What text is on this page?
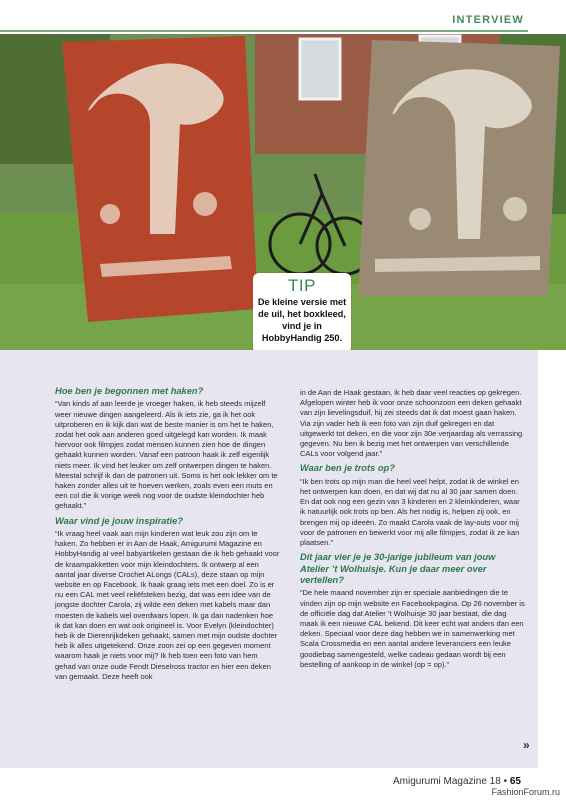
INTERVIEW
TIP
De kleine versie met de uil, het boxkleed, vind je in HobbyHandig 250.
Hoe ben je begonnen met haken?
“Van kinds af aan leerde je vroeger haken, ik heb steeds mijzelf weer nieuwe dingen aangeleerd. Als ik iets zie, ga ik het ook uitproberen en ik kijk dan wat de beste manier is om het te haken, zodat het ook aan anderen goed uitgelegd kan worden. Ik maak hiervoor ook filmpjes zodat mensen kunnen zien hoe de dingen gehaakt kunnen worden. Vanaf een patroon haak ik zelf eigenlijk niets meer. Ik vind het leuker om zelf ontwerpen dingen te haken. Meestal schrijf ik dan de patronen uit. Soms is het ook lekker om te haken zonder alles uit te hoeven werken, zoals even een muts en een col die ik vorige week nog voor de oudste kleindochter heb gehaakt.”
Waar vind je jouw inspiratie?
“Ik vraag heel vaak aan mijn kinderen wat leuk zou zijn om te haken. Zo hebben er in Aan de Haak, Amigurumi Magazine en HobbyHandig al veel babyartikelen gestaan die ik heb gehaakt voor de kraampakketten voor mijn kleindochters. Ik ontwerp al een aantal jaar diverse Crochet ALongs (CALs), deze staan op mijn website en op Facebook. Ik haak graag iets met een doel. Zo is er nu een CAL met veel reliëfsteken bezig, dat was een idee van de jongste dochter Carola, zij wilde een deken met kabels maar dan moesten de kabels wel overdwars lopen. Ik ga dan nadenken hoe ik dat kan doen en wat ook origineel is. Voor Evelyn (kleindochter) heb ik de Dierenrijkdeken gehaakt, samen met mijn oudste dochter heb ik alles uitgetekend. Onze zoon zei op een gegeven moment waarom haak je niets voor mij? Ik heb toen een foto van hem gehad van onze oude Fendt Dieselross tractor en hier een deken van gemaakt. Deze heeft ook
in de Aan de Haak gestaan, ik heb daar veel reacties op gekregen. Afgelopen winter heb ik voor onze schoonzoon een deken gehaakt van zijn lievelingsduif, hij zei steeds dat ik dat moest gaan haken. Via zijn vader heb ik een foto van zijn duif gekregen en dat uitgewerkt tot deken, en die voor zijn 30e verjaardag als verrassing gegeven. Nu ben ik bezig met het ontwerpen van verschillende CALs voor volgend jaar.”
Waar ben je trots op?
“Ik ben trots op mijn man die heel veel helpt, zodat ik de winkel en het ontwerpen kan doen, en dat wij dat nu al 30 jaar samen doen. En dat ook nog een gezin van 3 kinderen en 2 kleinkinderen, waar ik natuurlijk ook trots op ben. Als het nodig is, helpen zij ook, en brengen mij op ideeën. Zo maakt Carola vaak de lay-outs voor mij voor de patronen en bewerkt voor mij alle filmpjes, zodat ik ze kan plaatsen.”
Dit jaar vier je je 30-jarige jubileum van jouw Atelier ’t Wolhuisje. Kun je daar meer over vertellen?
“De hele maand november zijn er speciale aanbiedingen die te vinden zijn op mijn website en Facebookpagina. Op 26 november is de officiële dag dat Atelier ’t Wolhuisje 30 jaar bestaat, die dag maak ik een nieuwe CAL bekend. Dit keer echt wat anders dan een deken. Speciaal voor deze dag hebben we in samenwerking met Scala Crossmedia en een aantal andere leveranciers een leuke goodiebag samengesteld, welke cadeau gedaan wordt bij een bestelling of aankoop in de winkel (op = op).”
»
Amigurumi Magazine 18 • 65
FashionForum.ru
